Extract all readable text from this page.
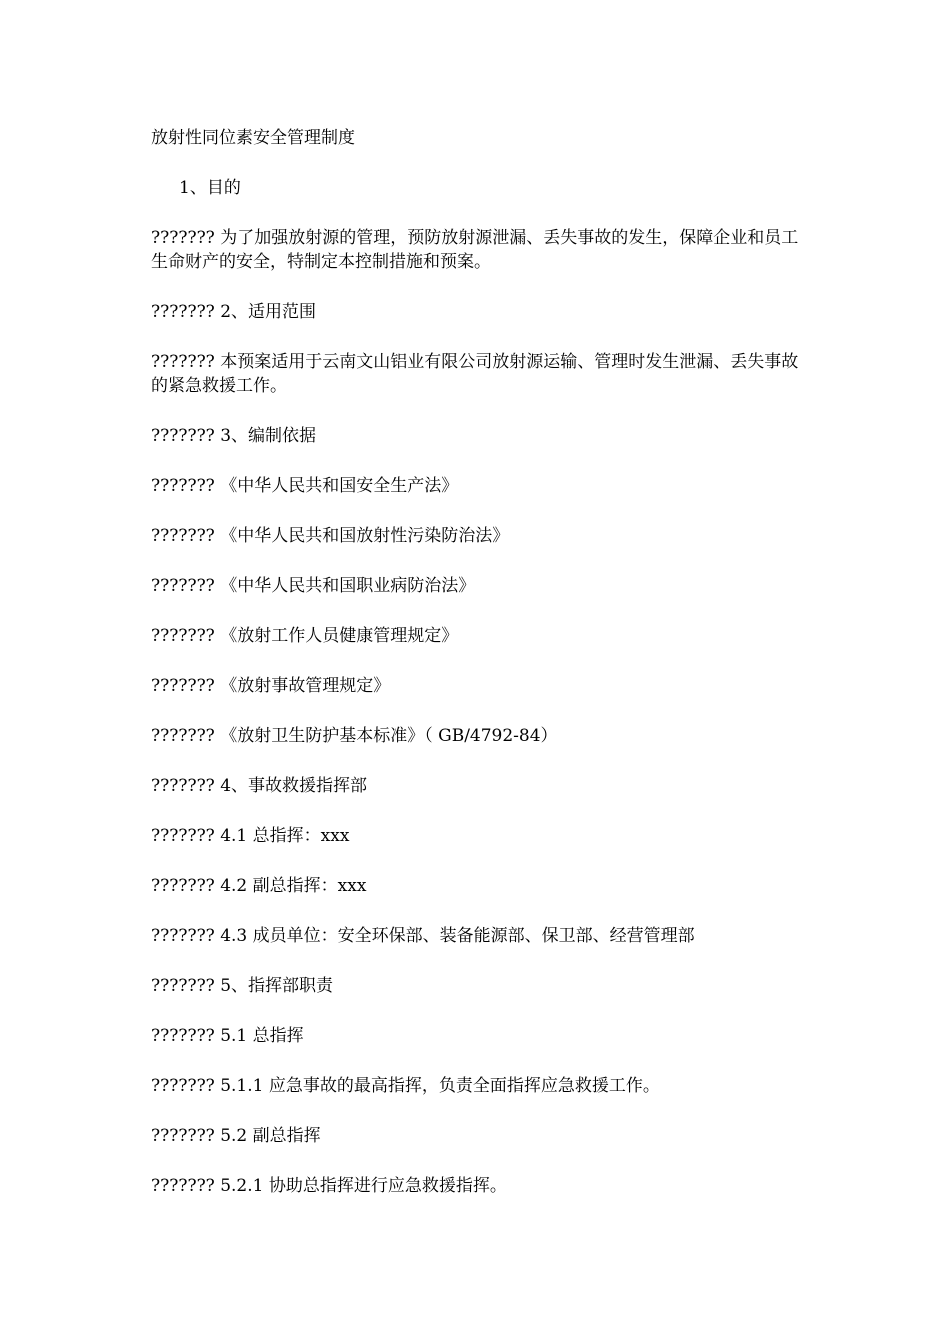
放射性同位素安全管理制度

1、目的

??????? 为了加强放射源的管理，预防放射源泄漏、丢失事故的发生，保障企业和员工生命财产的安全，特制定本控制措施和预案。

??????? 2、适用范围

??????? 本预案适用于云南文山铝业有限公司放射源运输、管理时发生泄漏、丢失事故的紧急救援工作。

??????? 3、编制依据

??????? 《中华人民共和国安全生产法》

??????? 《中华人民共和国放射性污染防治法》

??????? 《中华人民共和国职业病防治法》

??????? 《放射工作人员健康管理规定》

??????? 《放射事故管理规定》

??????? 《放射卫生防护基本标准》（ GB/4792-84）

??????? 4、事故救援指挥部

??????? 4.1 总指挥：xxx

??????? 4.2 副总指挥：xxx

??????? 4.3 成员单位：安全环保部、装备能源部、保卫部、经营管理部

??????? 5、指挥部职责

??????? 5.1 总指挥

??????? 5.1.1 应急事故的最高指挥，负责全面指挥应急救援工作。

??????? 5.2 副总指挥

??????? 5.2.1 协助总指挥进行应急救援指挥。
